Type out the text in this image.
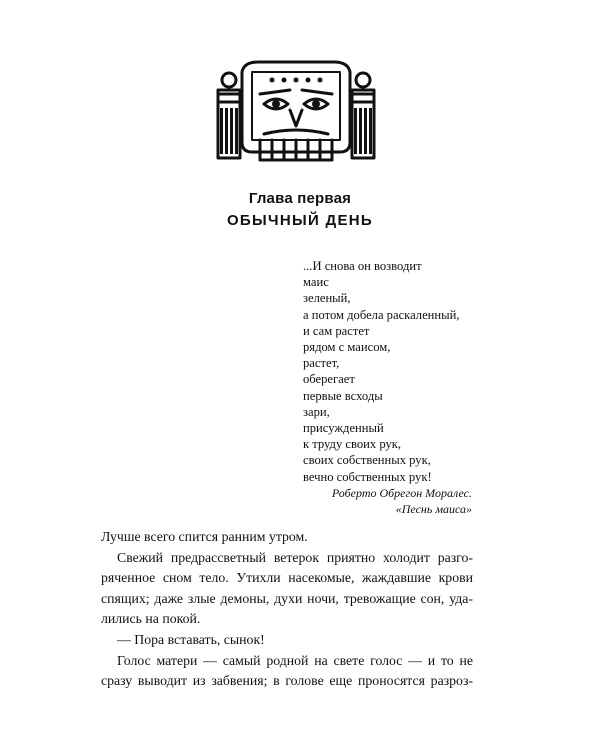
Глава первая
ОБЫЧНЫЙ ДЕНЬ
...И снова он возводит
маис
зеленый,
а потом добела раскаленный,
и сам растет
рядом с маисом,
растет,
оберегает
первые всходы
зари,
присужденный
к труду своих рук,
своих собственных рук,
вечно собственных рук!
Роберто Обрегон Моралес.
«Песнь маиса»
Лучше всего спится ранним утром.
Свежий предрассветный ветерок приятно холодит разго-
ряченное сном тело. Утихли насекомые, жаждавшие крови
спящих; даже злые демоны, духи ночи, тревожащие сон, уда-
лились на покой.
— Пора вставать, сынок!
Голос матери — самый родной на свете голос — и то не
сразу выводит из забвения; в голове еще проносятся разроз-
